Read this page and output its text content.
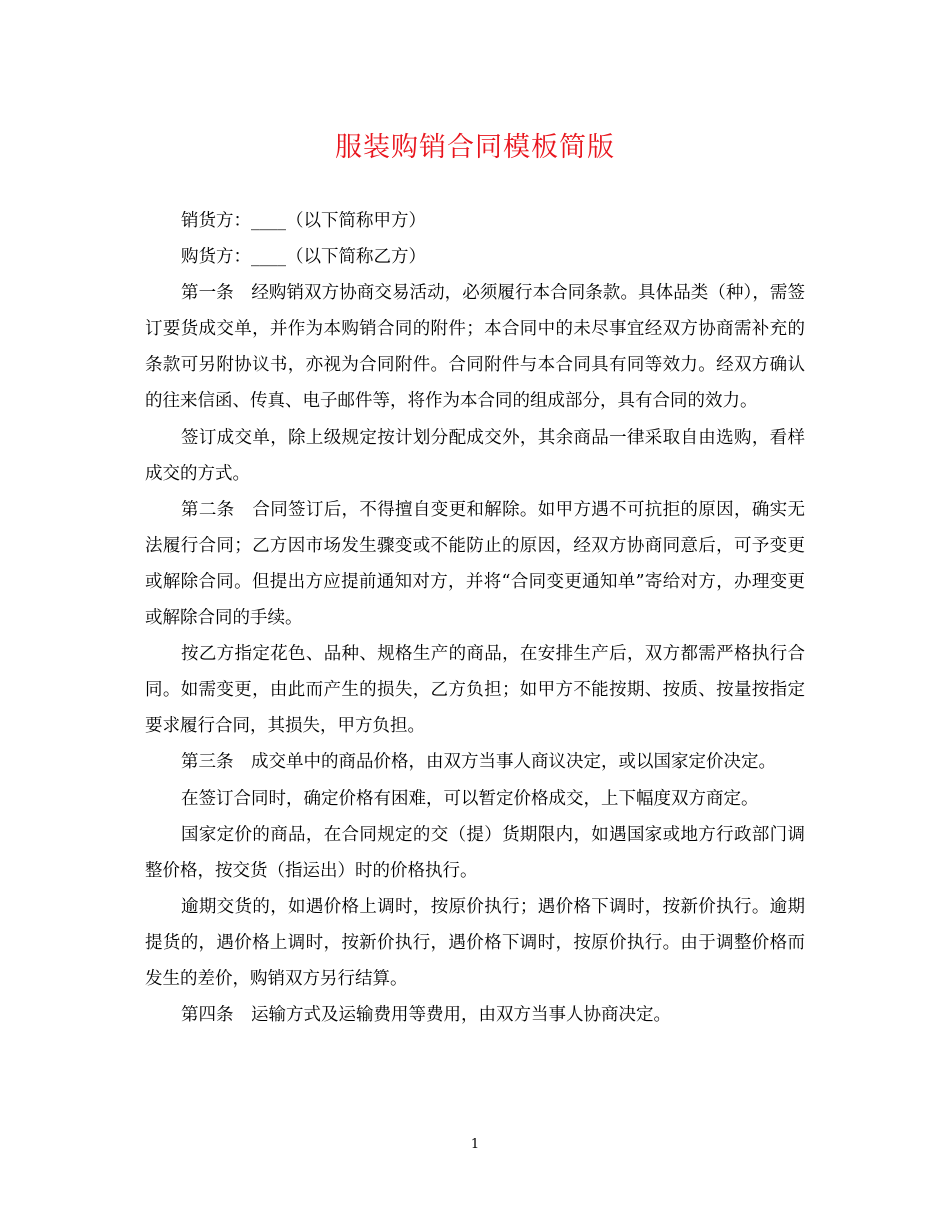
服装购销合同模板简版

销货方：____（以下简称甲方）

购货方：____（以下简称乙方）

第一条　经购销双方协商交易活动，必须履行本合同条款。具体品类（种），需签订要货成交单，并作为本购销合同的附件；本合同中的未尽事宜经双方协商需补充的条款可另附协议书，亦视为合同附件。合同附件与本合同具有同等效力。经双方确认的往来信函、传真、电子邮件等，将作为本合同的组成部分，具有合同的效力。

签订成交单，除上级规定按计划分配成交外，其余商品一律采取自由选购，看样成交的方式。

第二条　合同签订后，不得擅自变更和解除。如甲方遇不可抗拒的原因，确实无法履行合同；乙方因市场发生骤变或不能防止的原因，经双方协商同意后，可予变更或解除合同。但提出方应提前通知对方，并将“合同变更通知单”寄给对方，办理变更或解除合同的手续。

按乙方指定花色、品种、规格生产的商品，在安排生产后，双方都需严格执行合同。如需变更，由此而产生的损失，乙方负担；如甲方不能按期、按质、按量按指定要求履行合同，其损失，甲方负担。

第三条　成交单中的商品价格，由双方当事人商议决定，或以国家定价决定。

在签订合同时，确定价格有困难，可以暂定价格成交，上下幅度双方商定。

国家定价的商品，在合同规定的交（提）货期限内，如遇国家或地方行政部门调整价格，按交货（指运出）时的价格执行。

逾期交货的，如遇价格上调时，按原价执行；遇价格下调时，按新价执行。逾期提货的，遇价格上调时，按新价执行，遇价格下调时，按原价执行。由于调整价格而发生的差价，购销双方另行结算。

第四条　运输方式及运输费用等费用，由双方当事人协商决定。

1
